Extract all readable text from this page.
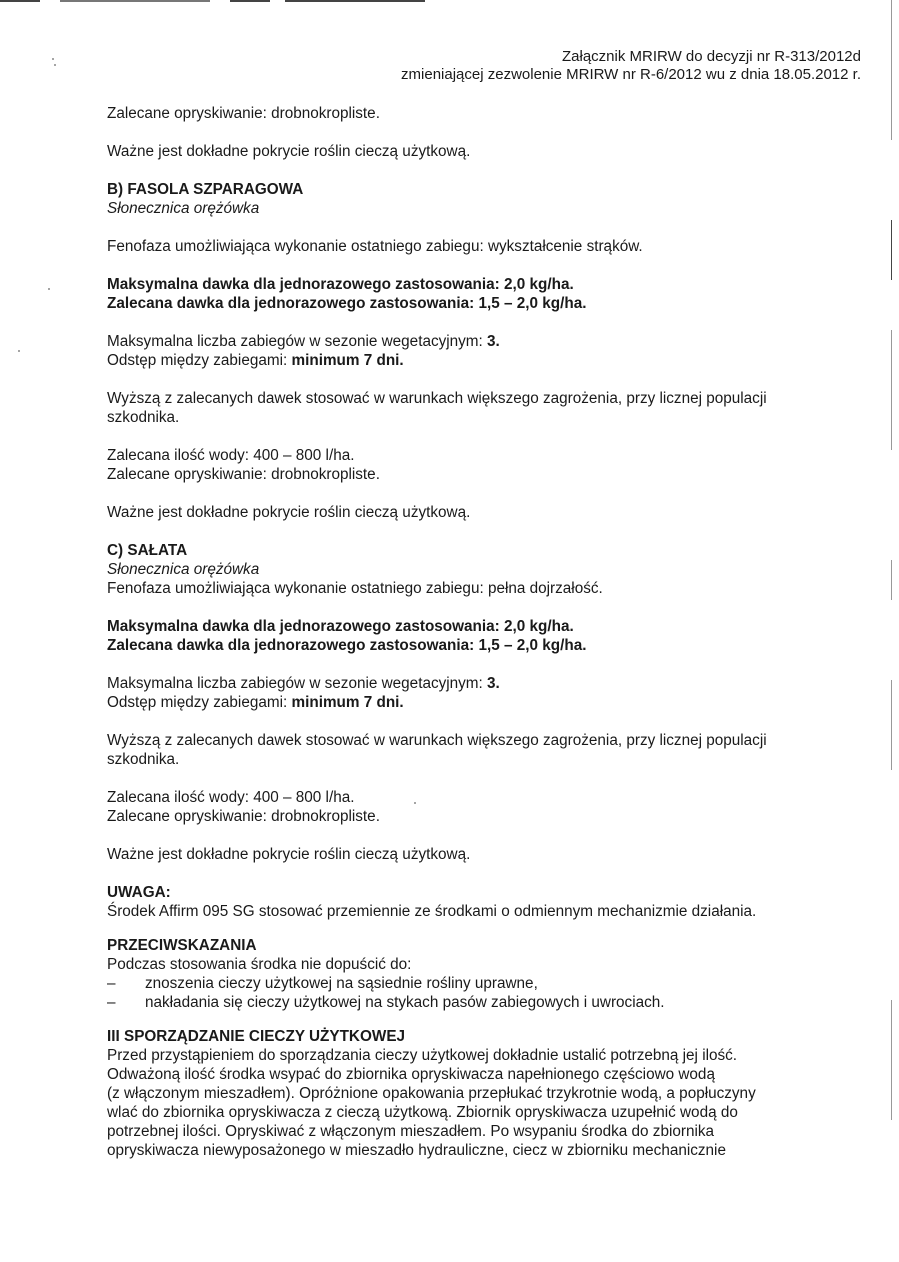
Załącznik MRIRW do decyzji nr R-313/2012d
zmieniającej zezwolenie MRIRW nr R-6/2012 wu z dnia 18.05.2012 r.

Zalecane opryskiwanie: drobnokropliste.

Ważne jest dokładne pokrycie roślin cieczą użytkową.

B) FASOLA SZPARAGOWA

Słonecznica orężówka

Fenofaza umożliwiająca wykonanie ostatniego zabiegu: wykształcenie strąków.

Maksymalna dawka dla jednorazowego zastosowania: 2,0 kg/ha.

Zalecana dawka dla jednorazowego zastosowania: 1,5 – 2,0 kg/ha.

Maksymalna liczba zabiegów w sezonie wegetacyjnym: 3.

Odstęp między zabiegami: minimum 7 dni.

Wyższą z zalecanych dawek stosować w warunkach większego zagrożenia, przy licznej populacji szkodnika.

Zalecana ilość wody: 400 – 800 l/ha.

Zalecane opryskiwanie: drobnokropliste.

Ważne jest dokładne pokrycie roślin cieczą użytkową.

C) SAŁATA

Słonecznica orężówka

Fenofaza umożliwiająca wykonanie ostatniego zabiegu: pełna dojrzałość.

Maksymalna dawka dla jednorazowego zastosowania: 2,0 kg/ha.

Zalecana dawka dla jednorazowego zastosowania: 1,5 – 2,0 kg/ha.

Maksymalna liczba zabiegów w sezonie wegetacyjnym: 3.

Odstęp między zabiegami: minimum 7 dni.

Wyższą z zalecanych dawek stosować w warunkach większego zagrożenia, przy licznej populacji szkodnika.

Zalecana ilość wody: 400 – 800 l/ha.

Zalecane opryskiwanie: drobnokropliste.

Ważne jest dokładne pokrycie roślin cieczą użytkową.

UWAGA:

Środek Affirm 095 SG stosować przemiennie ze środkami o odmiennym mechanizmie działania.

PRZECIWSKAZANIA

Podczas stosowania środka nie dopuścić do:

– znoszenia cieczy użytkowej na sąsiednie rośliny uprawne,
– nakładania się cieczy użytkowej na stykach pasów zabiegowych i uwrociach.

III SPORZĄDZANIE CIECZY UŻYTKOWEJ

Przed przystąpieniem do sporządzania cieczy użytkowej dokładnie ustalić potrzebną jej ilość.

Odważoną ilość środka wsypać do zbiornika opryskiwacza napełnionego częściowo wodą

(z włączonym mieszadłem). Opróżnione opakowania przepłukać trzykrotnie wodą, a popłuczyny

wlać do zbiornika opryskiwacza z cieczą użytkową. Zbiornik opryskiwacza uzupełnić wodą do

potrzebnej ilości. Opryskiwać z włączonym mieszadłem. Po wsypaniu środka do zbiornika

opryskiwacza niewyposażonego w mieszadło hydrauliczne, ciecz w zbiorniku mechanicznie
